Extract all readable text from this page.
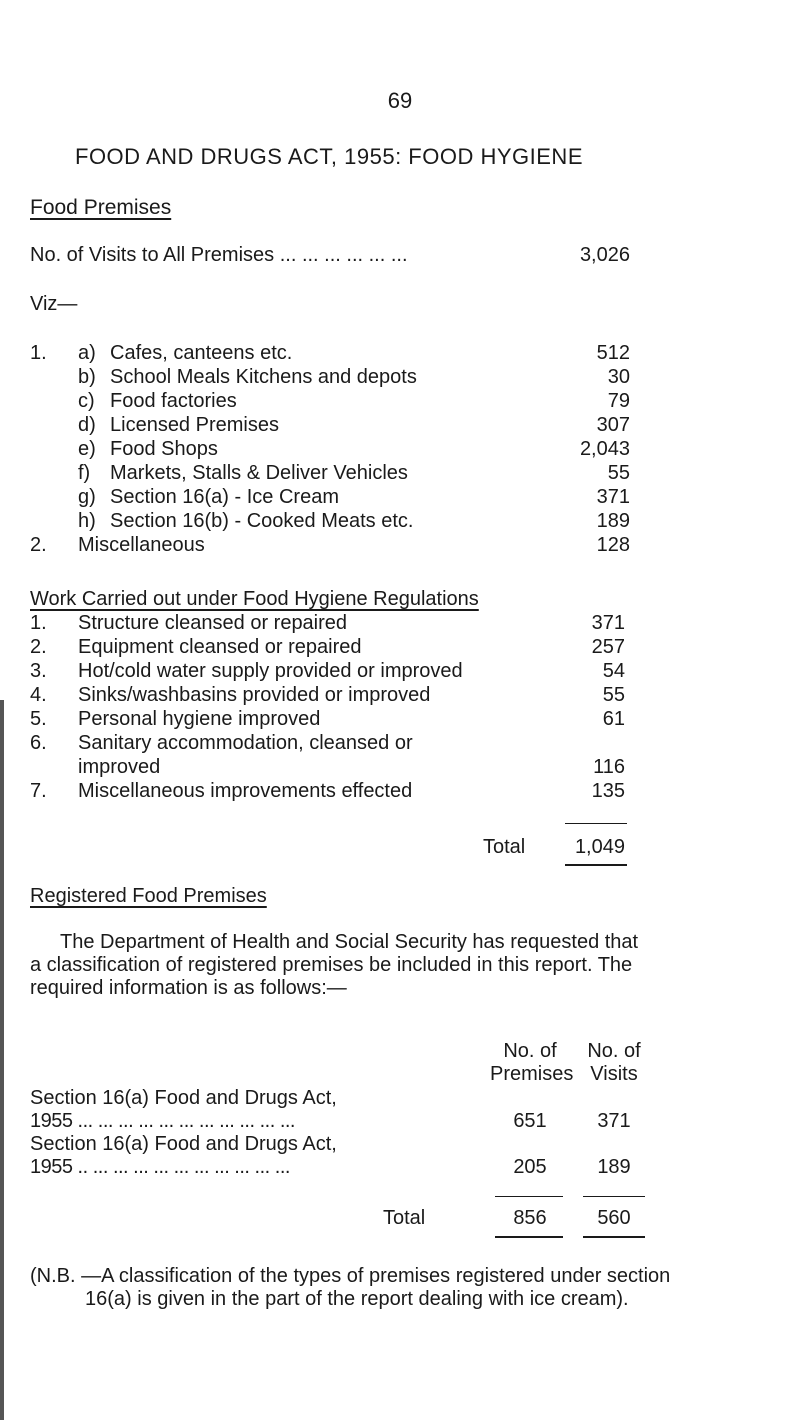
69
FOOD AND DRUGS ACT, 1955: FOOD HYGIENE
Food Premises
No. of Visits to All Premises ... ... ... ... ... ...	3,026
Viz—
1. a) Cafes, canteens etc.	512
b) School Meals Kitchens and depots	30
c) Food factories	79
d) Licensed Premises	307
e) Food Shops	2,043
f) Markets, Stalls & Deliver Vehicles	55
g) Section 16(a) - Ice Cream	371
h) Section 16(b) - Cooked Meats etc.	189
2. Miscellaneous	128
Work Carried out under Food Hygiene Regulations
1. Structure cleansed or repaired	371
2. Equipment cleansed or repaired	257
3. Hot/cold water supply provided or improved	54
4. Sinks/washbasins provided or improved	55
5. Personal hygiene improved	61
6. Sanitary accommodation, cleansed or
improved	116
7. Miscellaneous improvements effected	135
Total	1,049
Registered Food Premises
The Department of Health and Social Security has requested that a classification of registered premises be included in this report. The required information is as follows:—
No. of
Premises
No. of
Visits
Section 16(a) Food and Drugs Act,
1955 ... ... ... ... ... ... ... ... ... ... ...	651	371
Section 16(a) Food and Drugs Act,
1955 .. ... ... ... ... ... ... ... ... ... ...	205	189
Total	856	560
(N.B. —A classification of the types of premises registered under section 16(a) is given in the part of the report dealing with ice cream).
